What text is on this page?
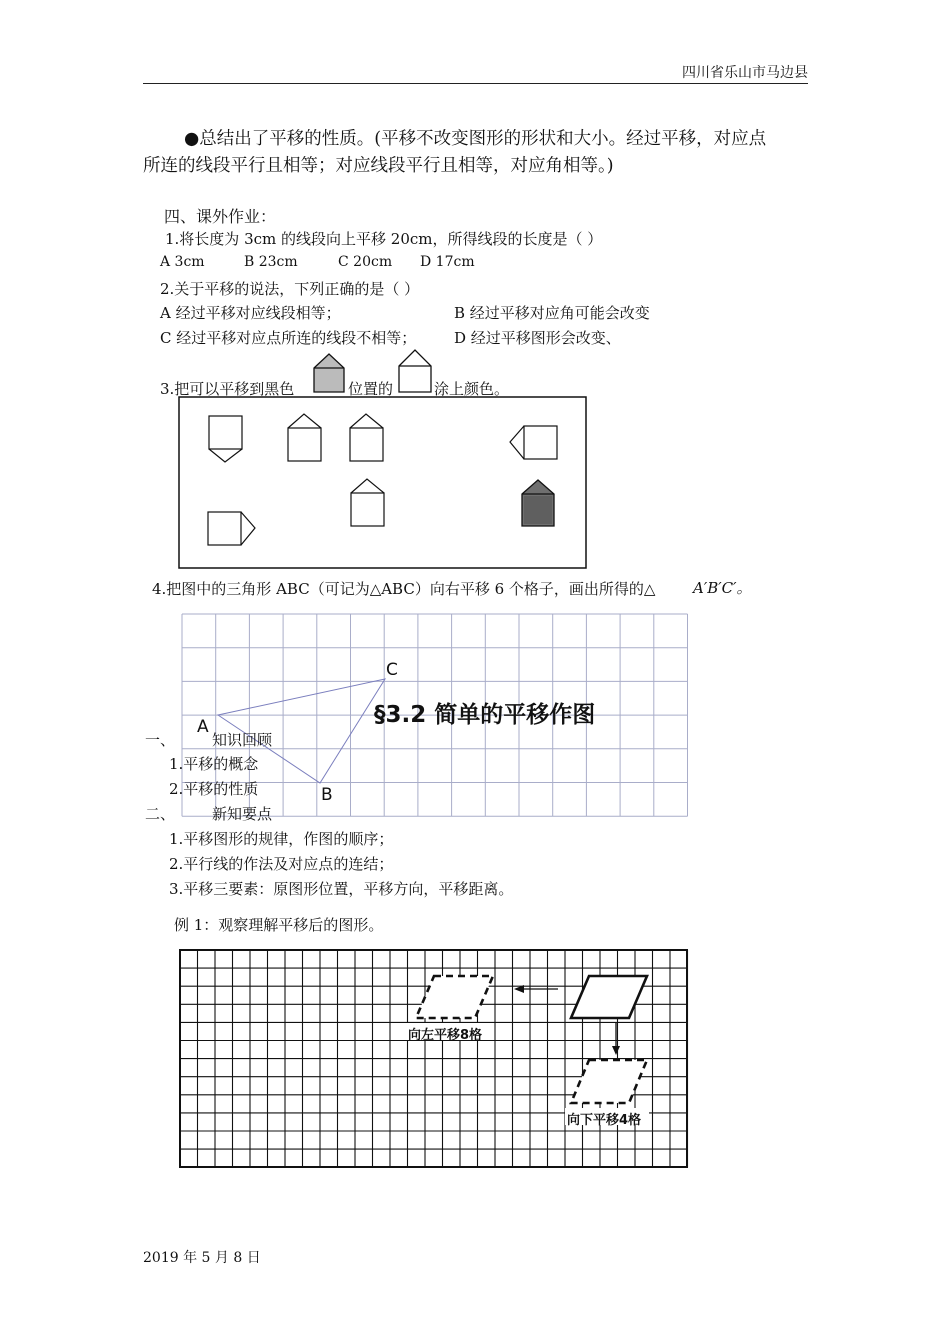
四川省乐山市马边县
●总结出了平移的性质。(平移不改变图形的形状和大小。经过平移，对应点
所连的线段平行且相等；对应线段平行且相等，对应角相等。)
四、课外作业：
1.将长度为 3cm 的线段向上平移 20cm，所得线段的长度是（ ）
A 3cm	B 23cm	C 20cm D 17cm
2.关于平移的说法，下列正确的是（ ）
A 经过平移对应线段相等；	B 经过平移对应角可能会改变
C 经过平移对应点所连的线段不相等；	D 经过平移图形会改变、
3.把可以平移到黑色	位置的	涂上颜色。
4.把图中的三角形 ABC（可记为△ABC）向右平移 6 个格子，画出所得的△	A′B′C′。
C
A
B
§3.2 简单的平移作图
一、 知识回顾
1.平移的概念
2.平移的性质
二、 新知要点
1.平移图形的规律，作图的顺序；
2.平行线的作法及对应点的连结；
3.平移三要素：原图形位置，平移方向，平移距离。
例 1：观察理解平移后的图形。
向左平移8格
向下平移4格
2019 年 5 月 8 日
